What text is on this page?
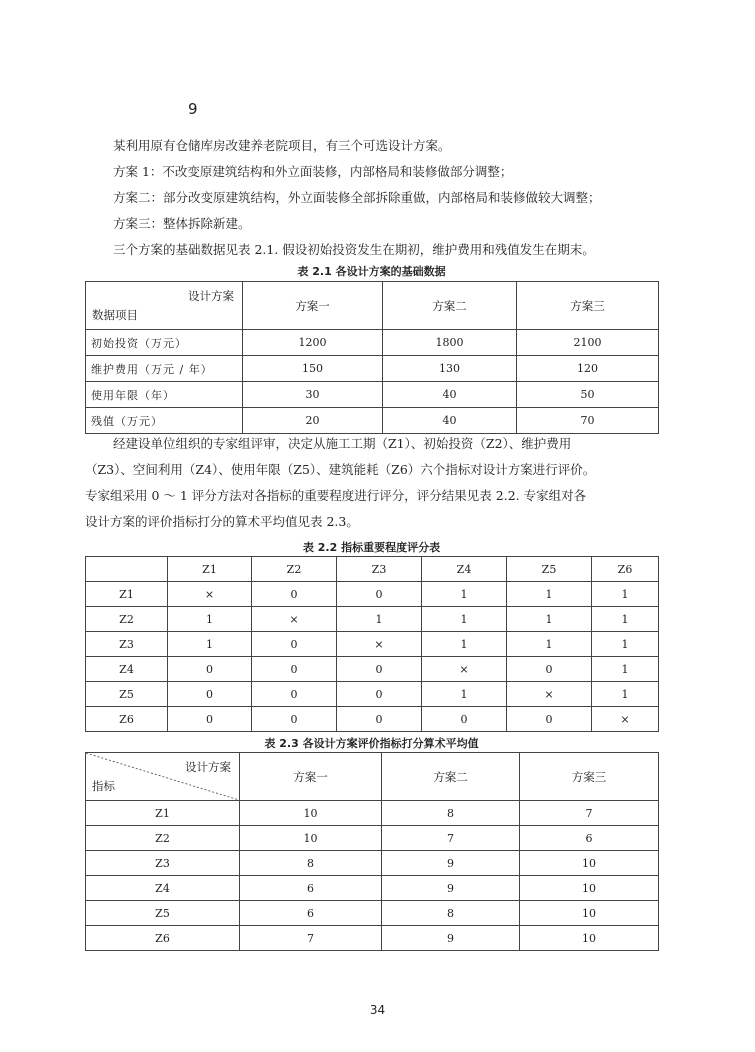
9

某利用原有仓储库房改建养老院项目，有三个可选设计方案。

方案 1：不改变原建筑结构和外立面装修，内部格局和装修做部分调整；

方案二：部分改变原建筑结构，外立面装修全部拆除重做，内部格局和装修做较大调整；

方案三：整体拆除新建。

三个方案的基础数据见表 2.1. 假设初始投资发生在期初，维护费用和残值发生在期末。

表 2.1 各设计方案的基础数据
设计方案
数据项目	方案一	方案二	方案三
初始投资（万元）	1200	1800	2100
维护费用（万元 / 年）	150	130	120
使用年限（年）	30	40	50
残值（万元）	20	40	70

经建设单位组织的专家组评审，决定从施工工期（Z1）、初始投资（Z2）、维护费用

（Z3）、空间利用（Z4）、使用年限（Z5）、建筑能耗（Z6）六个指标对设计方案进行评价。

专家组采用 0 ～ 1 评分方法对各指标的重要程度进行评分，评分结果见表 2.2. 专家组对各

设计方案的评价指标打分的算术平均值见表 2.3。

表 2.2 指标重要程度评分表
	Z1	Z2	Z3	Z4	Z5	Z6
Z1	×	0	0	1	1	1
Z2	1	×	1	1	1	1
Z3	1	0	×	1	1	1
Z4	0	0	0	×	0	1
Z5	0	0	0	1	×	1
Z6	0	0	0	0	0	×
表 2.3 各设计方案评价指标打分算术平均值
设计方案
指标	方案一	方案二	方案三
Z1	10	8	7
Z2	10	7	6
Z3	8	9	10
Z4	6	9	10
Z5	6	8	10
Z6	7	9	10
34
